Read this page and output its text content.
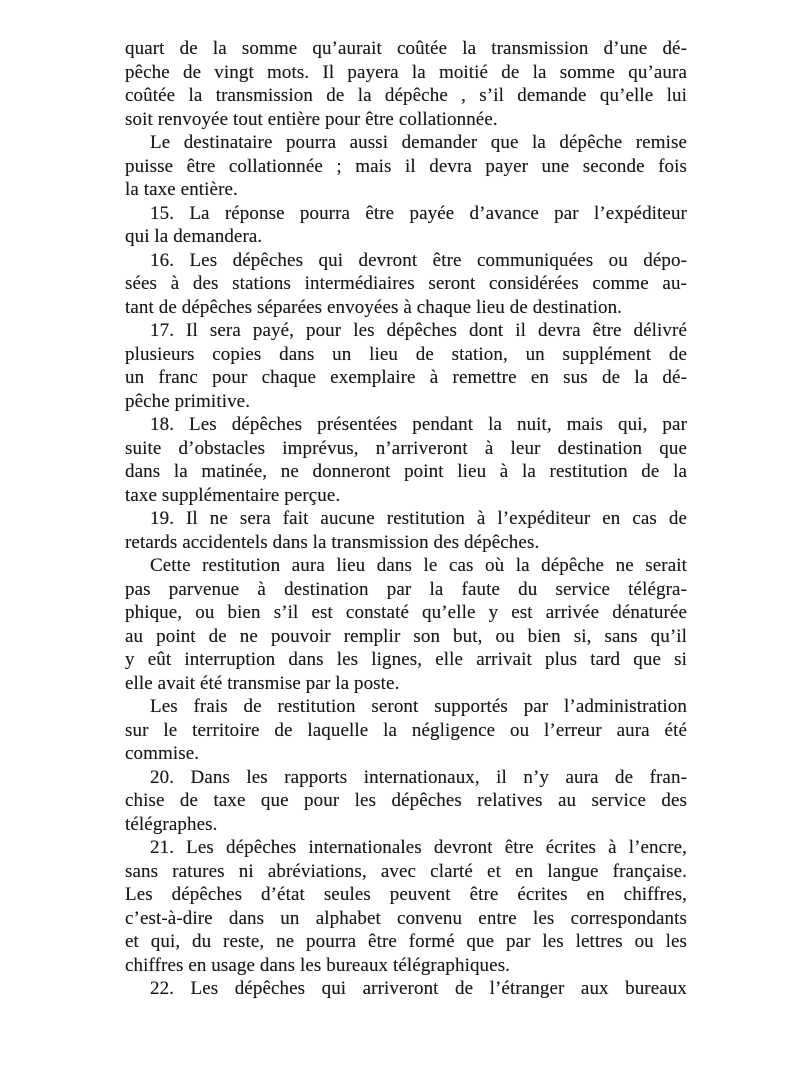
quart de la somme qu’aurait coûtée la transmission d’une dé-
pêche de vingt mots. Il payera la moitié de la somme qu’aura
coûtée la transmission de la dépêche , s’il demande qu’elle lui
soit renvoyée tout entière pour être collationnée.
Le destinataire pourra aussi demander que la dépêche remise
puisse être collationnée ; mais il devra payer une seconde fois
la taxe entière.
15. La réponse pourra être payée d’avance par l’expéditeur
qui la demandera.
16. Les dépêches qui devront être communiquées ou dépo-
sées à des stations intermédiaires seront considérées comme au-
tant de dépêches séparées envoyées à chaque lieu de destination.
17. Il sera payé, pour les dépêches dont il devra être délivré
plusieurs copies dans un lieu de station, un supplément de
un franc pour chaque exemplaire à remettre en sus de la dé-
pêche primitive.
18. Les dépêches présentées pendant la nuit, mais qui, par
suite d’obstacles imprévus, n’arriveront à leur destination que
dans la matinée, ne donneront point lieu à la restitution de la
taxe supplémentaire perçue.
19. Il ne sera fait aucune restitution à l’expéditeur en cas de
retards accidentels dans la transmission des dépêches.
Cette restitution aura lieu dans le cas où la dépêche ne serait
pas parvenue à destination par la faute du service télégra-
phique, ou bien s’il est constaté qu’elle y est arrivée dénaturée
au point de ne pouvoir remplir son but, ou bien si, sans qu’il
y eût interruption dans les lignes, elle arrivait plus tard que si
elle avait été transmise par la poste.
Les frais de restitution seront supportés par l’administration
sur le territoire de laquelle la négligence ou l’erreur aura été
commise.
20. Dans les rapports internationaux, il n’y aura de fran-
chise de taxe que pour les dépêches relatives au service des
télégraphes.
21. Les dépêches internationales devront être écrites à l’encre,
sans ratures ni abréviations, avec clarté et en langue française.
Les dépêches d’état seules peuvent être écrites en chiffres,
c’est-à-dire dans un alphabet convenu entre les correspondants
et qui, du reste, ne pourra être formé que par les lettres ou les
chiffres en usage dans les bureaux télégraphiques.
22. Les dépêches qui arriveront de l’étranger aux bureaux
